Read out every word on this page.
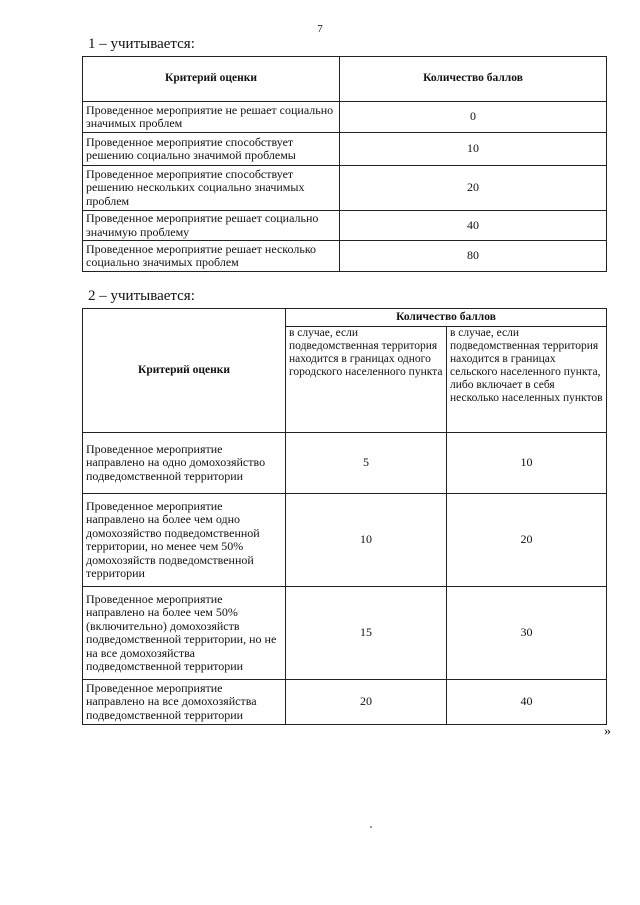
7
1 – учитывается:
Критерий оценки	Количество баллов
Проведенное мероприятие не решает социально значимых проблем	0
Проведенное мероприятие способствует решению социально значимой проблемы	10
Проведенное мероприятие способствует решению нескольких социально значимых проблем	20
Проведенное мероприятие решает социально значимую проблему	40
Проведенное мероприятие решает несколько социально значимых проблем	80
2 – учитывается:
Критерий оценки	Количество баллов	
	в случае, если подведомственная территория находится в границах одного городского населенного пункта	в случае, если подведомственная территория находится в границах сельского населенного пункта, либо включает в себя несколько населенных пунктов
Проведенное мероприятие направлено на одно домохозяйство подведомственной территории	5	10
Проведенное мероприятие направлено на более чем одно домохозяйство подведомственной территории, но менее чем 50% домохозяйств подведомственной территории	10	20
Проведенное мероприятие направлено на более чем 50% (включительно) домохозяйств подведомственной территории, но не на все домохозяйства подведомственной территории	15	30
Проведенное мероприятие направлено на все домохозяйства подведомственной территории	20	40
»
